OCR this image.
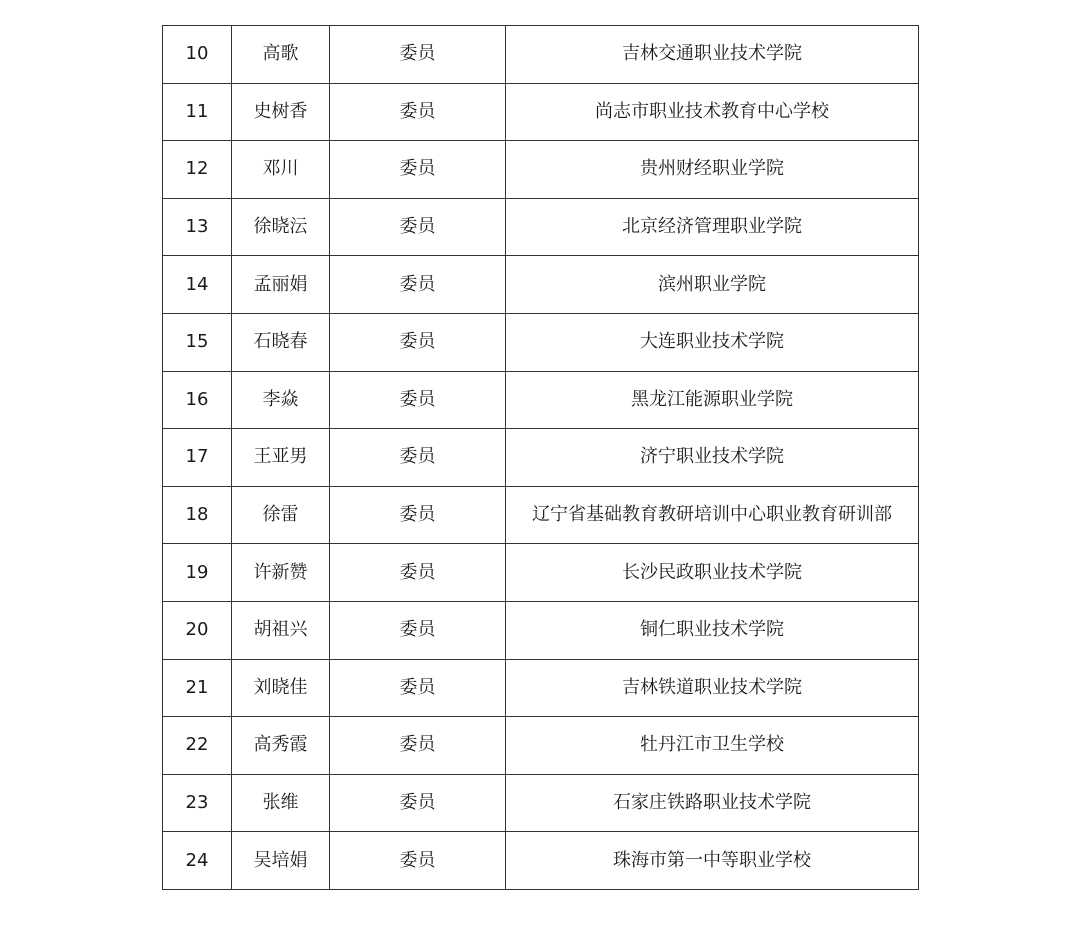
10	高歌	委员	吉林交通职业技术学院
11	史树香	委员	尚志市职业技术教育中心学校
12	邓川	委员	贵州财经职业学院
13	徐晓沄	委员	北京经济管理职业学院
14	孟丽娟	委员	滨州职业学院
15	石晓春	委员	大连职业技术学院
16	李焱	委员	黑龙江能源职业学院
17	王亚男	委员	济宁职业技术学院
18	徐雷	委员	辽宁省基础教育教研培训中心职业教育研训部
19	许新赞	委员	长沙民政职业技术学院
20	胡祖兴	委员	铜仁职业技术学院
21	刘晓佳	委员	吉林铁道职业技术学院
22	高秀霞	委员	牡丹江市卫生学校
23	张维	委员	石家庄铁路职业技术学院
24	吴培娟	委员	珠海市第一中等职业学校
